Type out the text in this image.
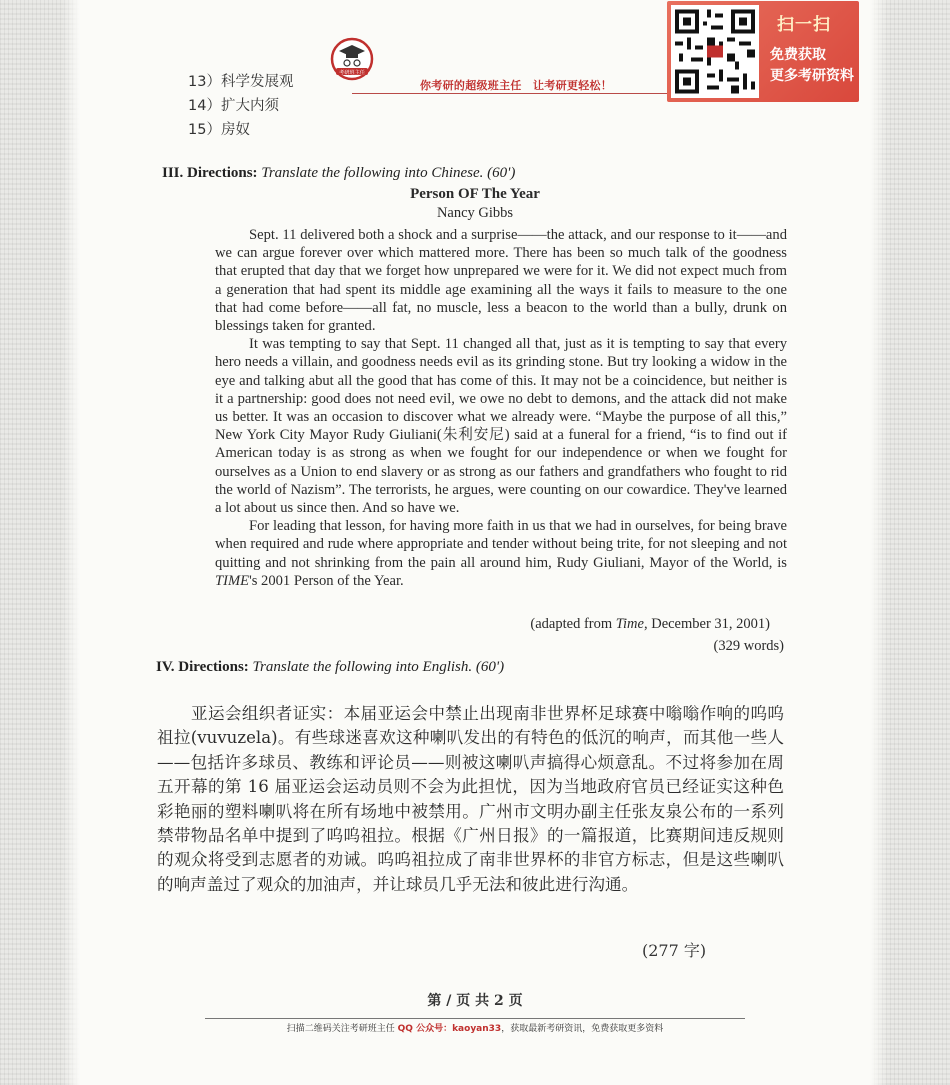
13）科学发展观
14）扩大内须
15）房奴
考研班主任
你考研的超级班主任　让考研更轻松！
扫一扫
免费获取
更多考研资料
III. Directions: Translate the following into Chinese. (60')
Person OF The Year
Nancy Gibbs

Sept. 11 delivered both a shock and a surprise——the attack, and our response to it——and we can argue forever over which mattered more. There has been so much talk of the goodness that erupted that day that we forget how unprepared we were for it. We did not expect much from a generation that had spent its middle age examining all the ways it fails to measure to the one that had come before——all fat, no muscle, less a beacon to the world than a bully, drunk on blessings taken for granted.

It was tempting to say that Sept. 11 changed all that, just as it is tempting to say that every hero needs a villain, and goodness needs evil as its grinding stone. But try looking a widow in the eye and talking abut all the good that has come of this. It may not be a coincidence, but neither is it a partnership: good does not need evil, we owe no debt to demons, and the attack did not make us better. It was an occasion to discover what we already were. “Maybe the purpose of all this,” New York City Mayor Rudy Giuliani(朱利安尼) said at a funeral for a friend, “is to find out if American today is as strong as when we fought for our independence or when we fought for ourselves as a Union to end slavery or as strong as our fathers and grandfathers who fought to rid the world of Nazism”. The terrorists, he argues, were counting on our cowardice. They've learned a lot about us since then. And so have we.

For leading that lesson, for having more faith in us that we had in ourselves, for being brave when required and rude where appropriate and tender without being trite, for not sleeping and not quitting and not shrinking from the pain all around him, Rudy Giuliani, Mayor of the World, is TIME's 2001 Person of the Year.

(adapted from Time, December 31, 2001)
(329 words)
IV. Directions: Translate the following into English. (60')
亚运会组织者证实：本届亚运会中禁止出现南非世界杯足球赛中嗡嗡作响的呜呜祖拉(vuvuzela)。有些球迷喜欢这种喇叭发出的有特色的低沉的响声，而其他一些人——包括许多球员、教练和评论员——则被这喇叭声搞得心烦意乱。不过将参加在周五开幕的第 16 届亚运会运动员则不会为此担忧，因为当地政府官员已经证实这种色彩艳丽的塑料喇叭将在所有场地中被禁用。广州市文明办副主任张友泉公布的一系列禁带物品名单中提到了呜呜祖拉。根据《广州日报》的一篇报道，比赛期间违反规则的观众将受到志愿者的劝诫。呜呜祖拉成了南非世界杯的非官方标志，但是这些喇叭的响声盖过了观众的加油声，并让球员几乎无法和彼此进行沟通。
(277 字)
第 / 页 共 2 页
扫描二维码关注考研班主任 QQ 公众号：kaoyan33，获取最新考研资讯，免费获取更多资料
